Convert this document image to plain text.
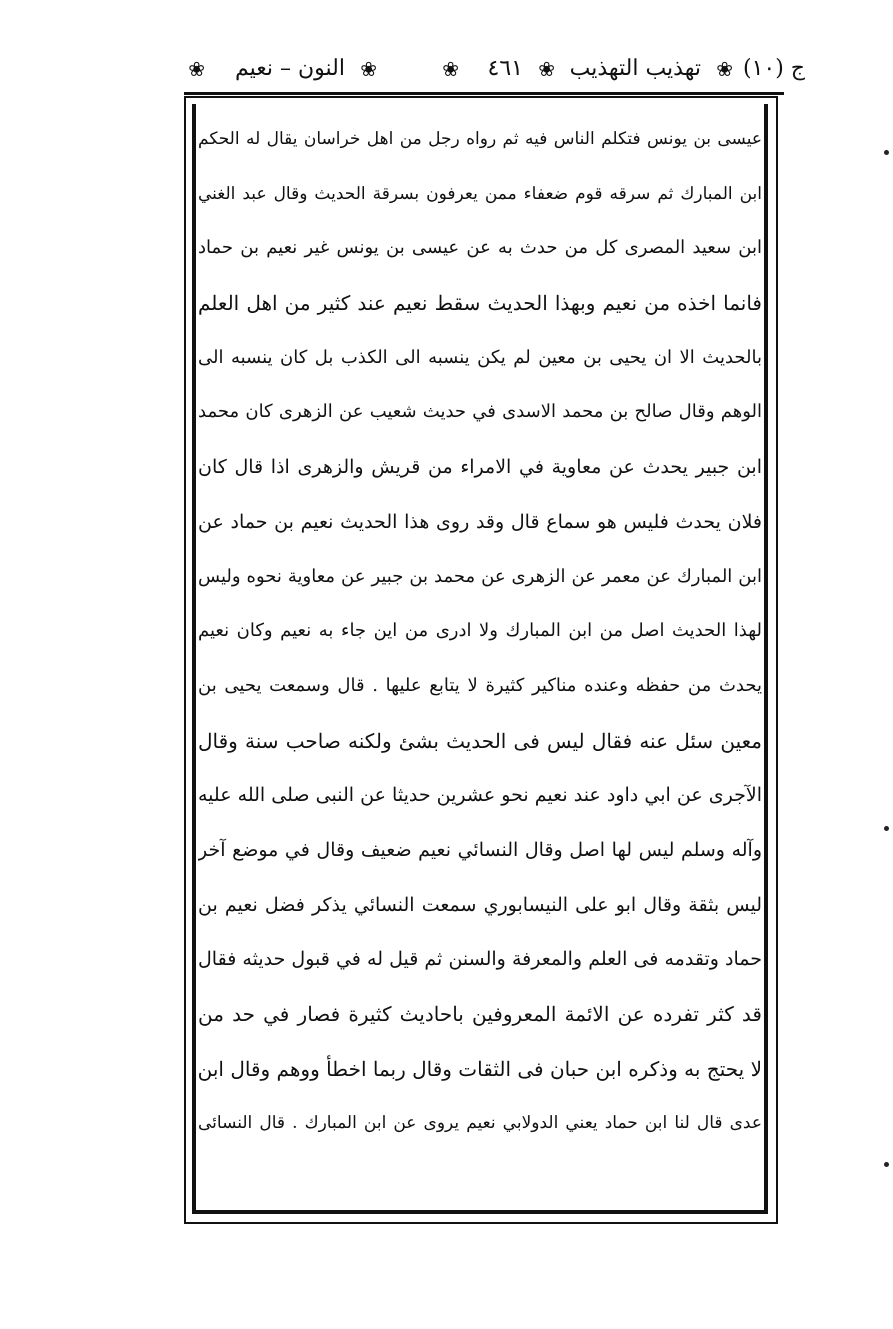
ج (١٠)
❀
تهذيب التهذيب
❀
٤٦١
❀
❀
النون – نعيم
❀
عيسى بن يونس فتكلم الناس فيه ثم رواه رجل من اهل خراسان يقال له الحكم
ابن المبارك ثم سرقه قوم ضعفاء ممن يعرفون بسرقة الحديث وقال عبد الغني
ابن سعيد المصرى كل من حدث به عن عيسى بن يونس غير نعيم بن حماد
فانما اخذه من نعيم وبهذا الحديث سقط نعيم عند كثير من اهل العلم
بالحديث الا ان يحيى بن معين لم يكن ينسبه الى الكذب بل كان ينسبه الى
الوهم وقال صالح بن محمد الاسدى في حديث شعيب عن الزهرى كان محمد
ابن جبير يحدث عن معاوية في الامراء من قريش والزهرى اذا قال كان
فلان يحدث فليس هو سماع قال وقد روى هذا الحديث نعيم بن حماد عن
ابن المبارك عن معمر عن الزهرى عن محمد بن جبير عن معاوية نحوه وليس
لهذا الحديث اصل من ابن المبارك ولا ادرى من اين جاء به نعيم وكان نعيم
يحدث من حفظه وعنده مناكير كثيرة لا يتابع عليها . قال وسمعت يحيى بن
معين سئل عنه فقال ليس فى الحديث بشئ ولكنه صاحب سنة وقال
الآجرى عن ابي داود عند نعيم نحو عشرين حديثا عن النبى صلى الله عليه
وآله وسلم ليس لها اصل وقال النسائي نعيم ضعيف وقال في موضع آخر
ليس بثقة وقال ابو على النيسابوري سمعت النسائي يذكر فضل نعيم بن
حماد وتقدمه فى العلم والمعرفة والسنن ثم قيل له في قبول حديثه فقال
قد كثر تفرده عن الائمة المعروفين باحاديث كثيرة فصار في حد من
لا يحتج به وذكره ابن حبان فى الثقات وقال ربما اخطأ ووهم وقال ابن
عدى قال لنا ابن حماد يعني الدولابي نعيم يروى عن ابن المبارك . قال النسائى
